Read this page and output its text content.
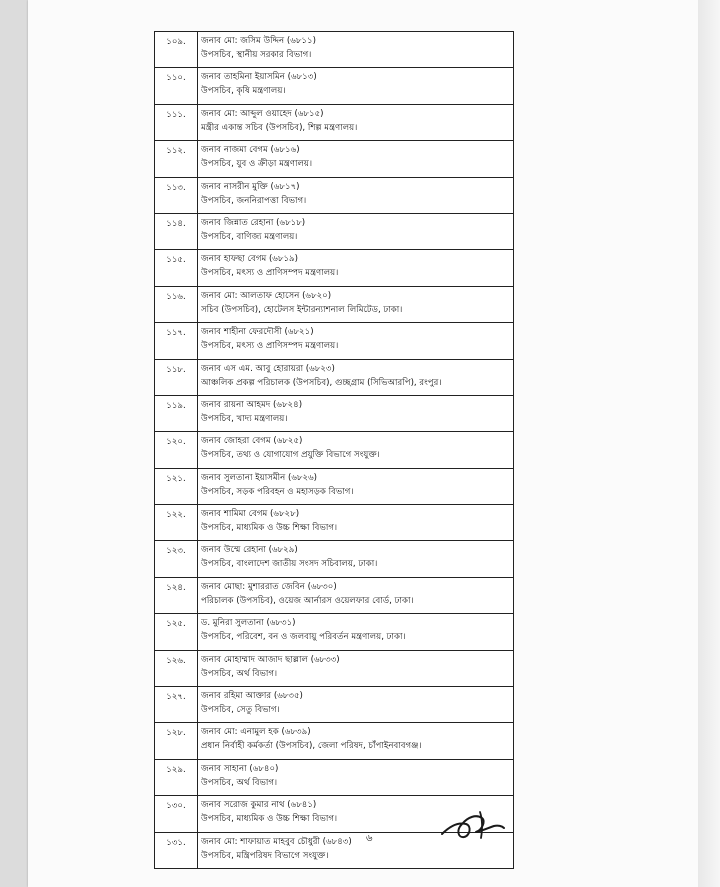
১০৯.	জনাব মো: জসিম উদ্দিন (৬৮১১)
উপসচিব, স্থানীয় সরকার বিভাগ।

১১০.	জনাব তাহমিনা ইয়াসমিন (৬৮১৩)
উপসচিব, কৃষি মন্ত্রণালয়।

১১১.	জনাব মো: আব্দুল ওয়াহেদ (৬৮১৫)
মন্ত্রীর একান্ত সচিব (উপসচিব), শিল্প মন্ত্রণালয়।

১১২.	জনাব নাজমা বেগম (৬৮১৬)
উপসচিব, যুব ও ক্রীড়া মন্ত্রণালয়।

১১৩.	জনাব নাসরীন মুক্তি (৬৮১৭)
উপসচিব, জননিরাপত্তা বিভাগ।

১১৪.	জনাব জিন্নাত রেহানা (৬৮১৮)
উপসচিব, বাণিজ্য মন্ত্রণালয়।

১১৫.	জনাব হাফছা বেগম (৬৮১৯)
উপসচিব, মৎস্য ও প্রাণিসম্পদ মন্ত্রণালয়।

১১৬.	জনাব মো: আলতাফ হোসেন (৬৮২০)
সচিব (উপসচিব), হোটেলস ইন্টারন্যাশনাল লিমিটেড, ঢাকা।

১১৭.	জনাব শাহীনা ফেরদৌসী (৬৮২১)
উপসচিব, মৎস্য ও প্রাণিসম্পদ মন্ত্রণালয়।

১১৮.	জনাব এস এম. আবু হোরায়রা (৬৮২৩)
আঞ্চলিক প্রকল্প পরিচালক (উপসচিব), গুচ্ছগ্রাম (সিভিআরপি), রংপুর।

১১৯.	জনাব রায়না আহমদ (৬৮২৪)
উপসচিব, খাদ্য মন্ত্রণালয়।

১২০.	জনাব জোহরা বেগম (৬৮২৫)
উপসচিব, তথ্য ও যোগাযোগ প্রযুক্তি বিভাগে সংযুক্ত।

১২১.	জনাব সুলতানা ইয়াসমীন (৬৮২৬)
উপসচিব, সড়ক পরিবহন ও মহাসড়ক বিভাগ।

১২২.	জনাব শামিমা বেগম (৬৮২৮)
উপসচিব, মাধ্যমিক ও উচ্চ শিক্ষা বিভাগ।

১২৩.	জনাব উম্মে রেহানা (৬৮২৯)
উপসচিব, বাংলাদেশ জাতীয় সংসদ সচিবালয়, ঢাকা।

১২৪.	জনাব মোছা: মুশাররাত জেবিন (৬৮৩০)
পরিচালক (উপসচিব), ওয়েজ আর্নারস ওয়েলফার বোর্ড, ঢাকা।

১২৫.	ড. মুনিরা সুলতানা (৬৮৩১)
উপসচিব, পরিবেশ, বন ও জলবায়ু পরিবর্তন মন্ত্রণালয়, ঢাকা।

১২৬.	জনাব মোহাম্মাদ আজাদ ছাল্লাল (৬৮৩৩)
উপসচিব, অর্থ বিভাগ।

১২৭.	জনাব রহিমা আক্তার (৬৮৩৫)
উপসচিব, সেতু বিভাগ।

১২৮.	জনাব মো: এনামুল হক (৬৮৩৯)
প্রধান নির্বাহী কর্মকর্তা (উপসচিব), জেলা পরিষদ, চাঁপাইনবাবগঞ্জ।

১২৯.	জনাব সাহানা (৬৮৪০)
উপসচিব, অর্থ বিভাগ।

১৩০.	জনাব সরোজ কুমার নাথ (৬৮৪১)
উপসচিব, মাধ্যমিক ও উচ্চ শিক্ষা বিভাগ।

১৩১.	জনাব মো: শাফায়াত মাহবুব চৌধুরী (৬৮৪৩)
উপসচিব, মন্ত্রিপরিষদ বিভাগে সংযুক্ত।
৬
